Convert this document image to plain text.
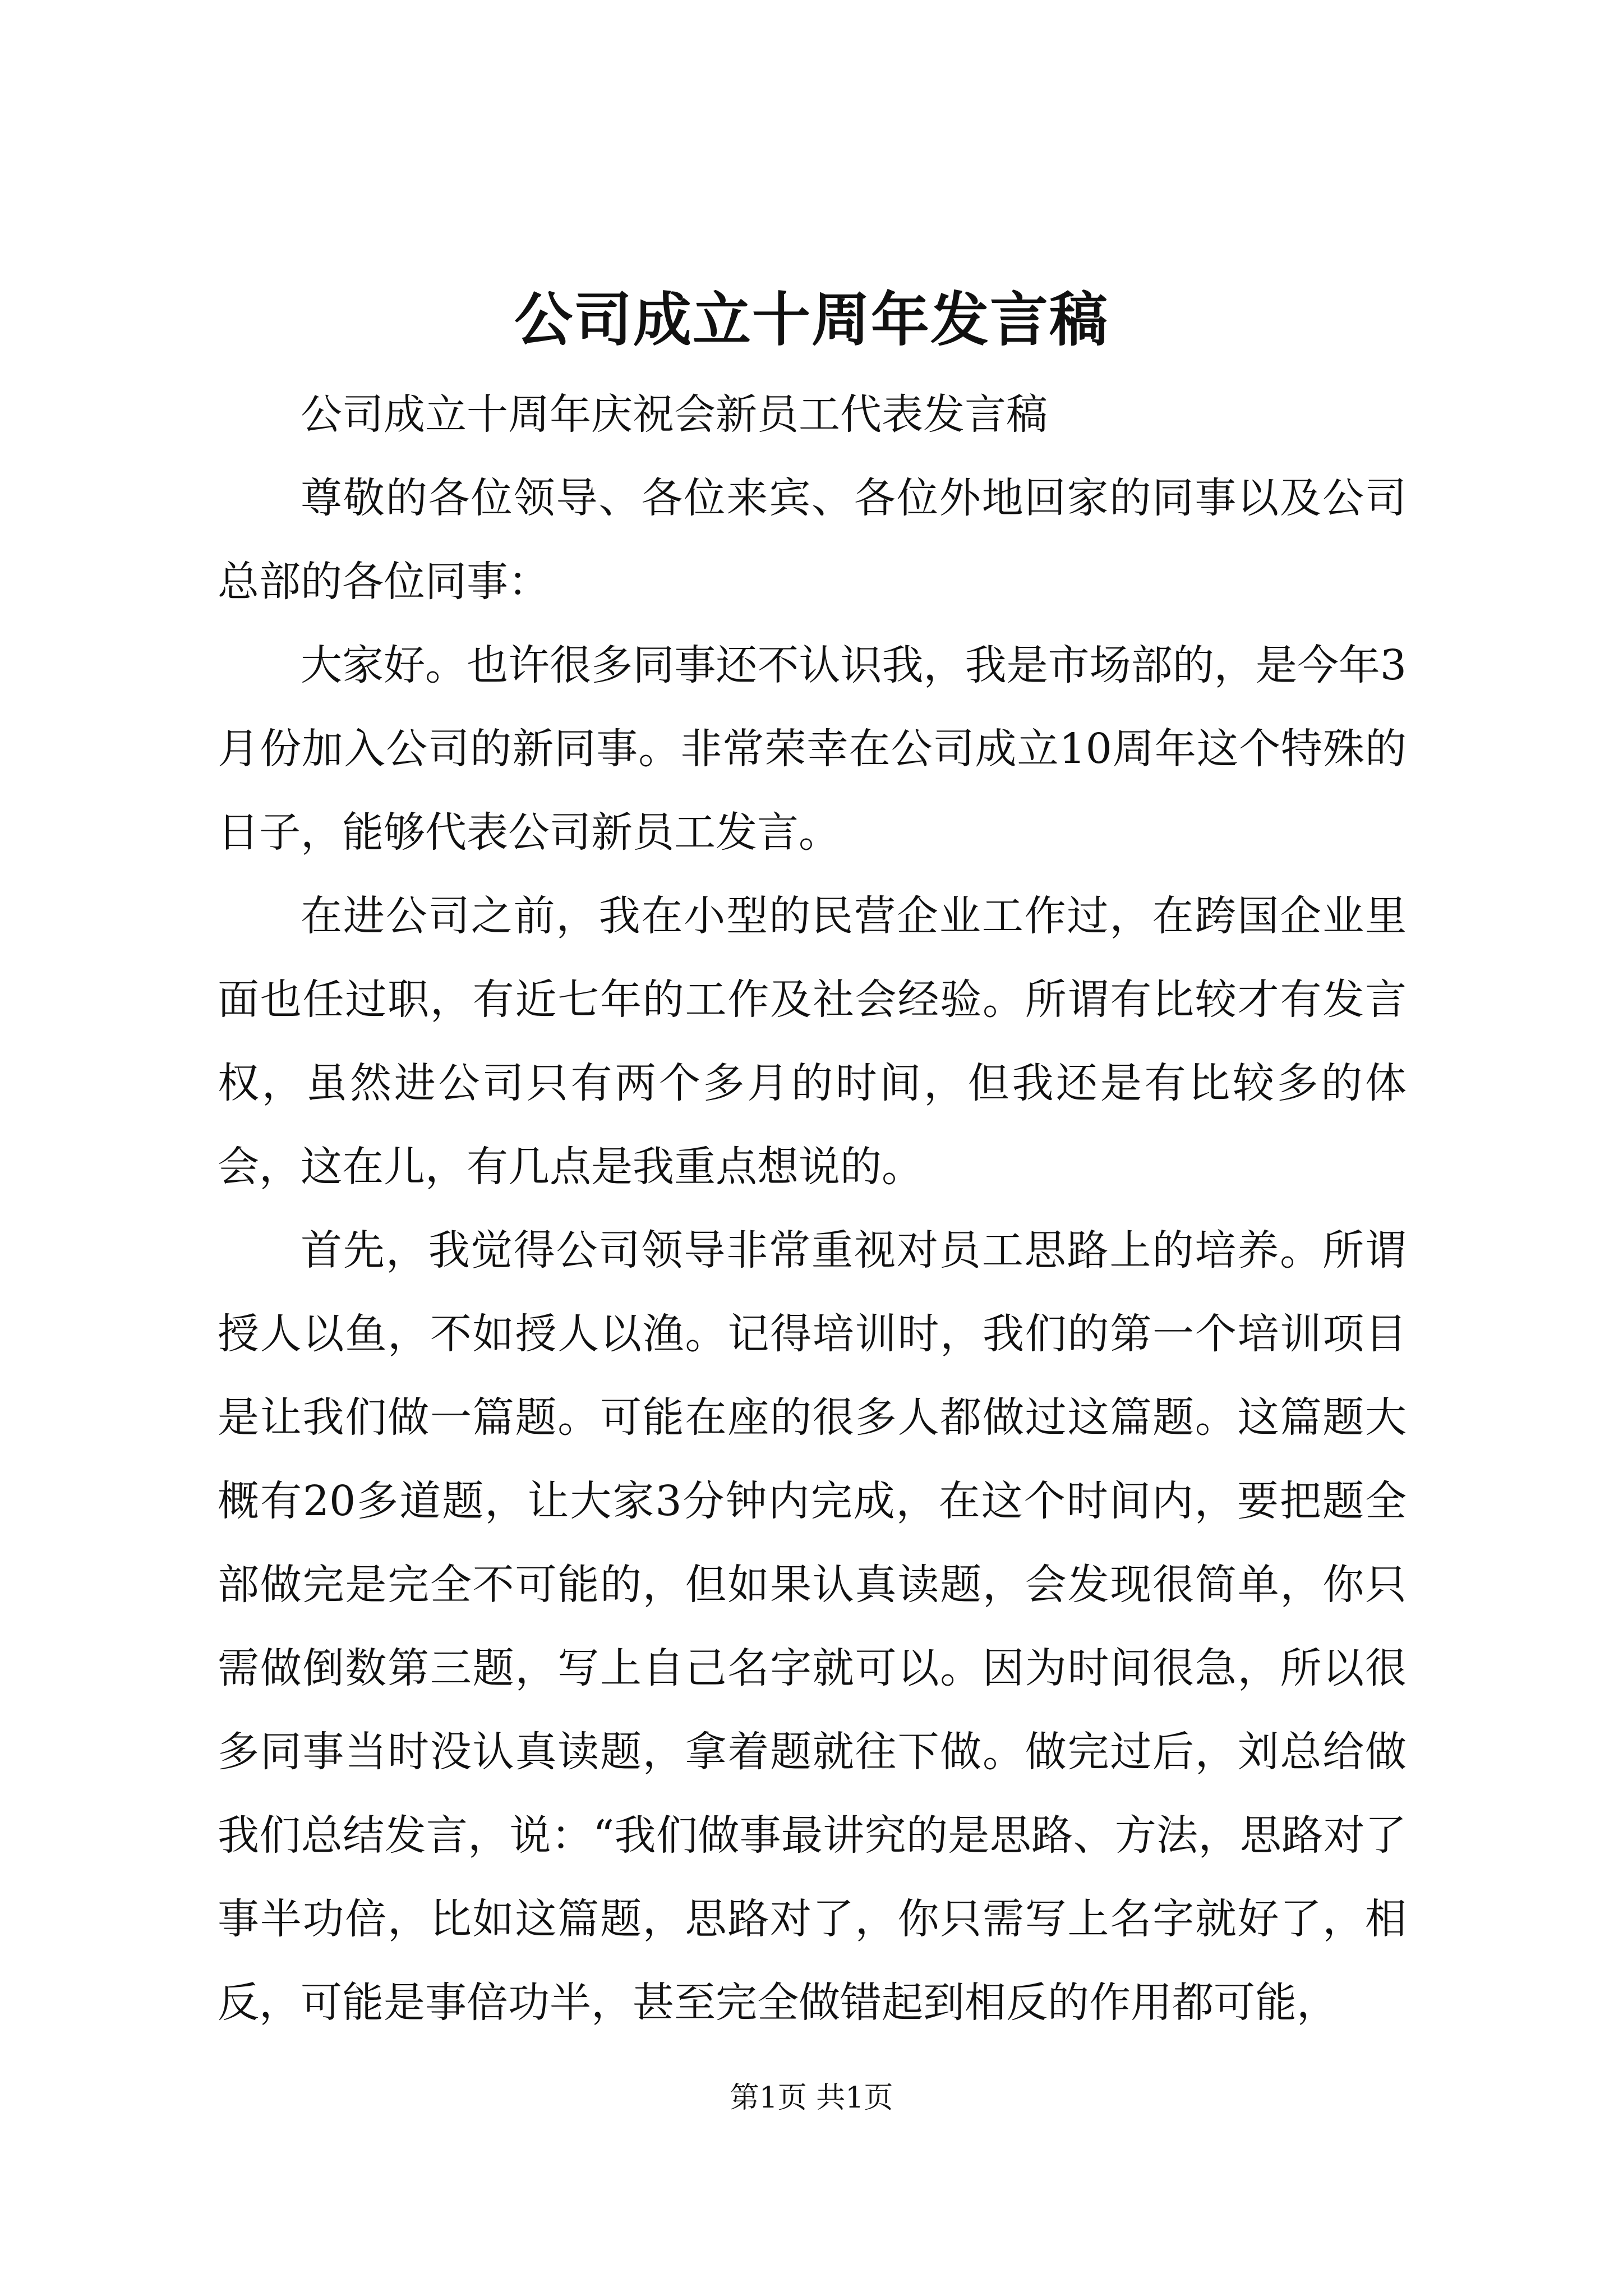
公司成立十周年发言稿

公司成立十周年庆祝会新员工代表发言稿

尊敬的各位领导、各位来宾、各位外地回家的同事以及公司总部的各位同事：

大家好。也许很多同事还不认识我，我是市场部的，是今年3月份加入公司的新同事。非常荣幸在公司成立10周年这个特殊的日子，能够代表公司新员工发言。

在进公司之前，我在小型的民营企业工作过，在跨国企业里面也任过职，有近七年的工作及社会经验。所谓有比较才有发言权，虽然进公司只有两个多月的时间，但我还是有比较多的体会，这在儿，有几点是我重点想说的。

首先，我觉得公司领导非常重视对员工思路上的培养。所谓授人以鱼，不如授人以渔。记得培训时，我们的第一个培训项目是让我们做一篇题。可能在座的很多人都做过这篇题。这篇题大概有20多道题，让大家3分钟内完成，在这个时间内，要把题全部做完是完全不可能的，但如果认真读题，会发现很简单，你只需做倒数第三题，写上自己名字就可以。因为时间很急，所以很多同事当时没认真读题，拿着题就往下做。做完过后，刘总给做我们总结发言，说：“我们做事最讲究的是思路、方法，思路对了事半功倍，比如这篇题，思路对了，你只需写上名字就好了，相反，可能是事倍功半，甚至完全做错起到相反的作用都可能，

第1页 共1页
